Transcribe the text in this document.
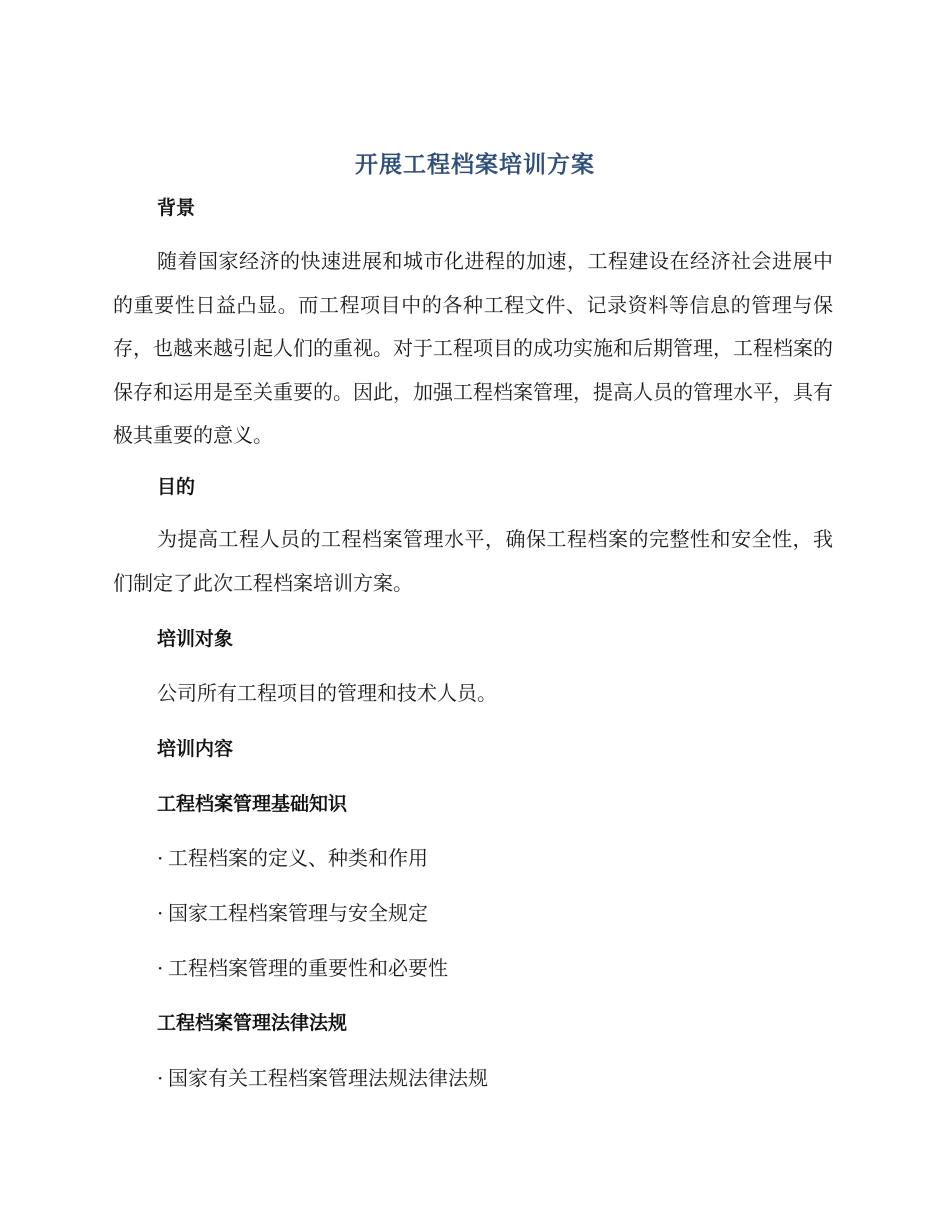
开展工程档案培训方案
背景
随着国家经济的快速进展和城市化进程的加速，工程建设在经济社会进展中的重要性日益凸显。而工程项目中的各种工程文件、记录资料等信息的管理与保存，也越来越引起人们的重视。对于工程项目的成功实施和后期管理，工程档案的保存和运用是至关重要的。因此，加强工程档案管理，提高人员的管理水平，具有极其重要的意义。
目的
为提高工程人员的工程档案管理水平，确保工程档案的完整性和安全性，我们制定了此次工程档案培训方案。
培训对象
公司所有工程项目的管理和技术人员。
培训内容
工程档案管理基础知识
· 工程档案的定义、种类和作用
· 国家工程档案管理与安全规定
· 工程档案管理的重要性和必要性
工程档案管理法律法规
· 国家有关工程档案管理法规法律法规
